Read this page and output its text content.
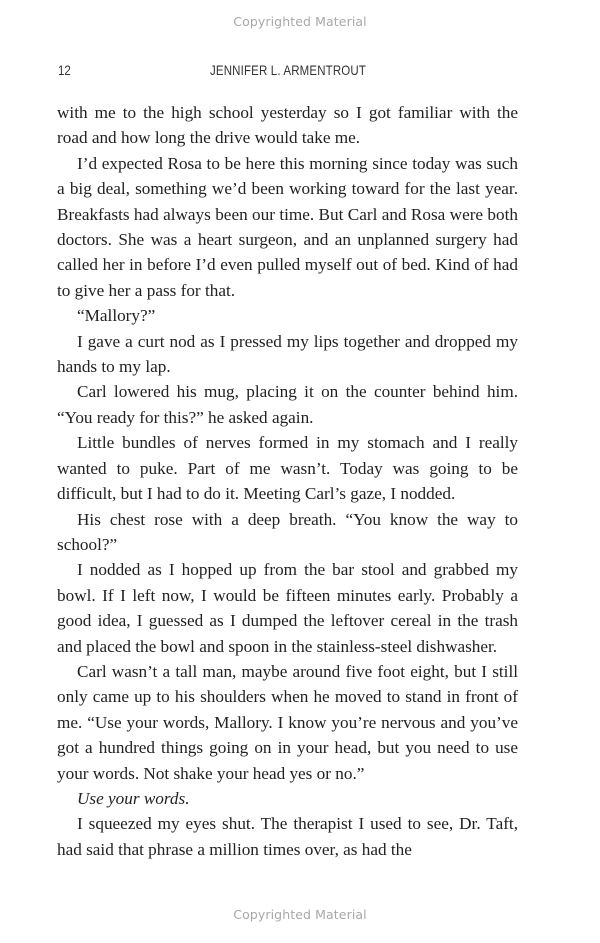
Copyrighted Material
12	JENNIFER L. ARMENTROUT

with me to the high school yesterday so I got familiar with the road and how long the drive would take me.

I’d expected Rosa to be here this morning since today was such a big deal, something we’d been working toward for the last year. Breakfasts had always been our time. But Carl and Rosa were both doctors. She was a heart surgeon, and an unplanned surgery had called her in before I’d even pulled myself out of bed. Kind of had to give her a pass for that.

“Mallory?”

I gave a curt nod as I pressed my lips together and dropped my hands to my lap.

Carl lowered his mug, placing it on the counter behind him. “You ready for this?” he asked again.

Little bundles of nerves formed in my stomach and I really wanted to puke. Part of me wasn’t. Today was going to be difficult, but I had to do it. Meeting Carl’s gaze, I nodded.

His chest rose with a deep breath. “You know the way to school?”

I nodded as I hopped up from the bar stool and grabbed my bowl. If I left now, I would be fifteen minutes early. Probably a good idea, I guessed as I dumped the leftover cereal in the trash and placed the bowl and spoon in the stainless-steel dishwasher.

Carl wasn’t a tall man, maybe around five foot eight, but I still only came up to his shoulders when he moved to stand in front of me. “Use your words, Mallory. I know you’re nervous and you’ve got a hundred things going on in your head, but you need to use your words. Not shake your head yes or no.”

Use your words.

I squeezed my eyes shut. The therapist I used to see, Dr. Taft, had said that phrase a million times over, as had the

Copyrighted Material
